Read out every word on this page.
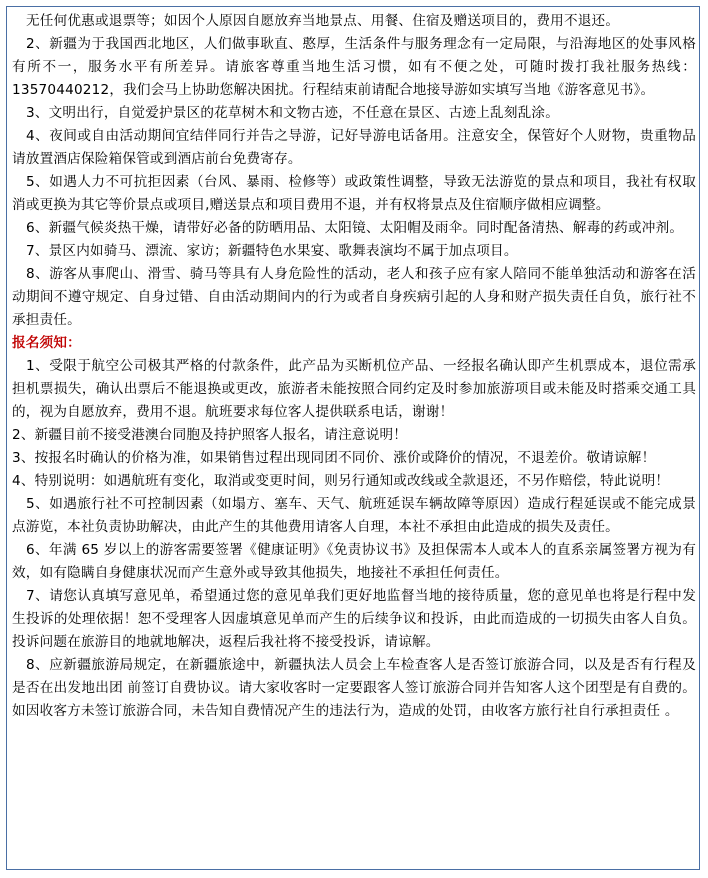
无任何优惠或退票等；如因个人原因自愿放弃当地景点、用餐、住宿及赠送项目的，费用不退还。

2、新疆为于我国西北地区，人们做事耿直、憨厚，生活条件与服务理念有一定局限，与沿海地区的处事风格有所不一，服务水平有所差异。请旅客尊重当地生活习惯，如有不便之处，可随时拨打我社服务热线：13570440212，我们会马上协助您解决困扰。行程结束前请配合地接导游如实填写当地《游客意见书》。

3、文明出行，自觉爱护景区的花草树木和文物古迹，不任意在景区、古迹上乱刻乱涂。

4、夜间或自由活动期间宜结伴同行并告之导游，记好导游电话备用。注意安全，保管好个人财物，贵重物品请放置酒店保险箱保管或到酒店前台免费寄存。

5、如遇人力不可抗拒因素（台风、暴雨、检修等）或政策性调整，导致无法游览的景点和项目，我社有权取消或更换为其它等价景点或项目,赠送景点和项目费用不退，并有权将景点及住宿顺序做相应调整。

6、新疆气候炎热干燥，请带好必备的防晒用品、太阳镜、太阳帽及雨伞。同时配备清热、解毒的药或冲剂。

7、景区内如骑马、漂流、家访；新疆特色水果宴、歌舞表演均不属于加点项目。

8、游客从事爬山、滑雪、骑马等具有人身危险性的活动，老人和孩子应有家人陪同不能单独活动和游客在活动期间不遵守规定、自身过错、自由活动期间内的行为或者自身疾病引起的人身和财产损失责任自负，旅行社不承担责任。

报名须知：

1、受限于航空公司极其严格的付款条件，此产品为买断机位产品、一经报名确认即产生机票成本，退位需承担机票损失，确认出票后不能退换或更改，旅游者未能按照合同约定及时参加旅游项目或未能及时搭乘交通工具的，视为自愿放弃，费用不退。航班要求每位客人提供联系电话，谢谢！

2、新疆目前不接受港澳台同胞及持护照客人报名，请注意说明！

3、按报名时确认的价格为准，如果销售过程出现同团不同价、涨价或降价的情况，不退差价。敬请谅解！

4、特别说明：如遇航班有变化，取消或变更时间，则另行通知或改线或全款退还，不另作赔偿，特此说明！

5、如遇旅行社不可控制因素（如塌方、塞车、天气、航班延误车辆故障等原因）造成行程延误或不能完成景点游览，本社负责协助解决，由此产生的其他费用请客人自理，本社不承担由此造成的损失及责任。

6、年满 65 岁以上的游客需要签署《健康证明》《免责协议书》及担保需本人或本人的直系亲属签署方视为有效，如有隐瞒自身健康状况而产生意外或导致其他损失，地接社不承担任何责任。

7、请您认真填写意见单，希望通过您的意见单我们更好地监督当地的接待质量，您的意见单也将是行程中发生投诉的处理依据！恕不受理客人因虚填意见单而产生的后续争议和投诉，由此而造成的一切损失由客人自负。投诉问题在旅游目的地就地解决，返程后我社将不接受投诉，请谅解。

8、应新疆旅游局规定，在新疆旅途中，新疆执法人员会上车检查客人是否签订旅游合同，以及是否有行程及是否在出发地出团 前签订自费协议。请大家收客时一定要跟客人签订旅游合同并告知客人这个团型是有自费的。如因收客方未签订旅游合同，未告知自费情况产生的违法行为，造成的处罚，由收客方旅行社自行承担责任 。
